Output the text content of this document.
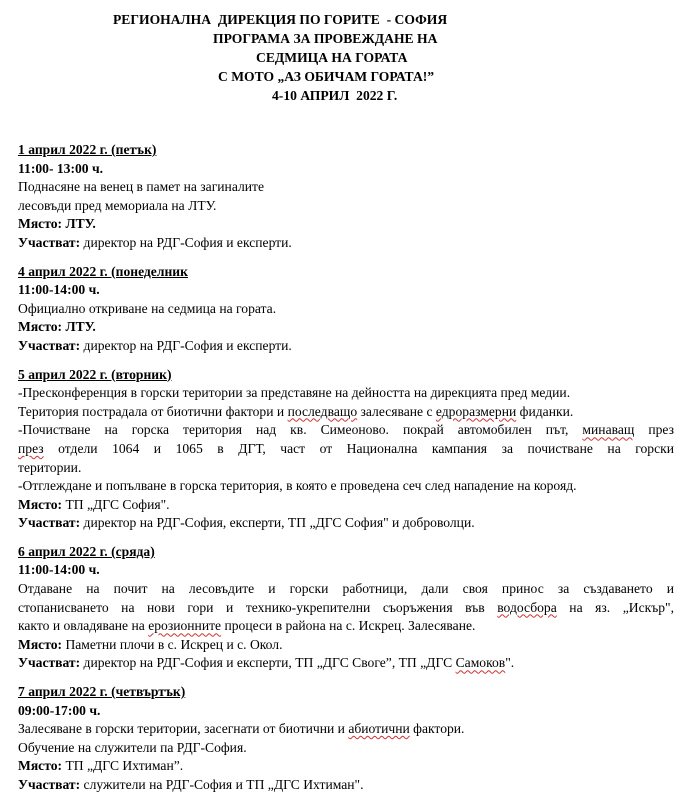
РЕГИОНАЛНА  ДИРЕКЦИЯ ПО ГОРИТЕ  - СОФИЯ
ПРОГРАМА ЗА ПРОВЕЖДАНЕ НА
СЕДМИЦА НА ГОРАТА
С МОТО „АЗ ОБИЧАМ ГОРАТА!”
4-10 АПРИЛ  2022 Г.
1 април 2022 г. (петък)
11:00- 13:00 ч.
Поднасяне на венец в памет на загиналите
лесовъди пред мемориала на ЛТУ.
Място: ЛТУ.
Участват: директор на РДГ-София и експерти.
4 април 2022 г. (понеделник
11:00-14:00 ч.
Официално откриване на седмица на гората.
Място: ЛТУ.
Участват: директор на РДГ-София и експерти.
5 април 2022 г. (вторник)
-Пресконференция в горски територии за представяне на дейността на дирекцията пред медии.
Територия пострадала от биотични фактори и последващо залесяване с едроразмерни фиданки.
-Почистване на горска територия над кв. Симеоново. покрай автомобилен път, минаващ през
през отдели 1064 и 1065 в ДГТ, част от Национална кампания за почистване на горски
територии.
-Отглеждане и попълване в горска територия, в която е проведена сеч след нападение на корояд.
Място: ТП „ДГС София".
Участват: директор на РДГ-София, експерти, ТП „ДГС София" и доброволци.
6 април 2022 г. (сряда)
11:00-14:00 ч.
Отдаване на почит на лесовъдите и горски работници, дали своя принос за създаването и
стопанисването на нови гори и технико-укрепителни съоръжения във водосбора на яз. „Искър",
както и овладяване на ерозионните процеси в района на с. Искрец. Залесяване.
Място: Паметни плочи в с. Искрец и с. Окол.
Участват: директор на РДГ-София и експерти, ТП „ДГС Своге”, ТП „ДГС Самоков".
7 април 2022 г. (четвъртък)
09:00-17:00 ч.
Залесяване в горски територии, засегнати от биотични и абиотични фактори.
Обучение на служители па РДГ-София.
Място: ТП „ДГС Ихтиман”.
Участват: служители на РДГ-София и ТП „ДГС Ихтиман".
